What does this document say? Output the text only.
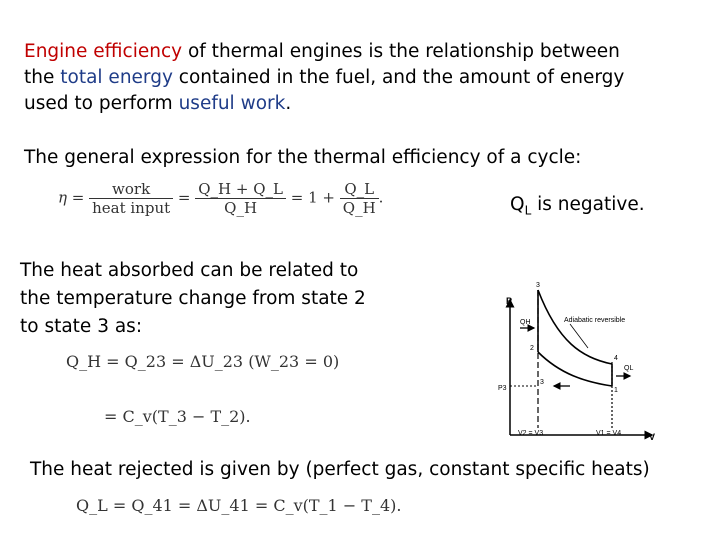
Engine efficiency of thermal engines is the relationship between
the total energy contained in the fuel, and the amount of energy
used to perform useful work.
The general expression for the thermal efficiency of a cycle:
$\eta = \frac{\text{work}}{\text{heat input}} = \frac{Q\_H + Q\_L}{Q\_H} = 1 + \frac{Q\_L}{Q\_H}$ .	$Q_L$ is negative.
The heat absorbed can be related to
the temperature change from state 2
to state 3 as:
Q_H = Q_23 = ΔU_23 (W_23 = 0)
= C_v(T_3 − T_2).
P
V
P3
QH
QL
Adiabatic reversible
V2 = V3	V1 = V4
3
2
4
1
3
The heat rejected is given by (perfect gas, constant specific heats)
Q_L = Q_41 = ΔU_41 = C_v(T_1 − T_4).
